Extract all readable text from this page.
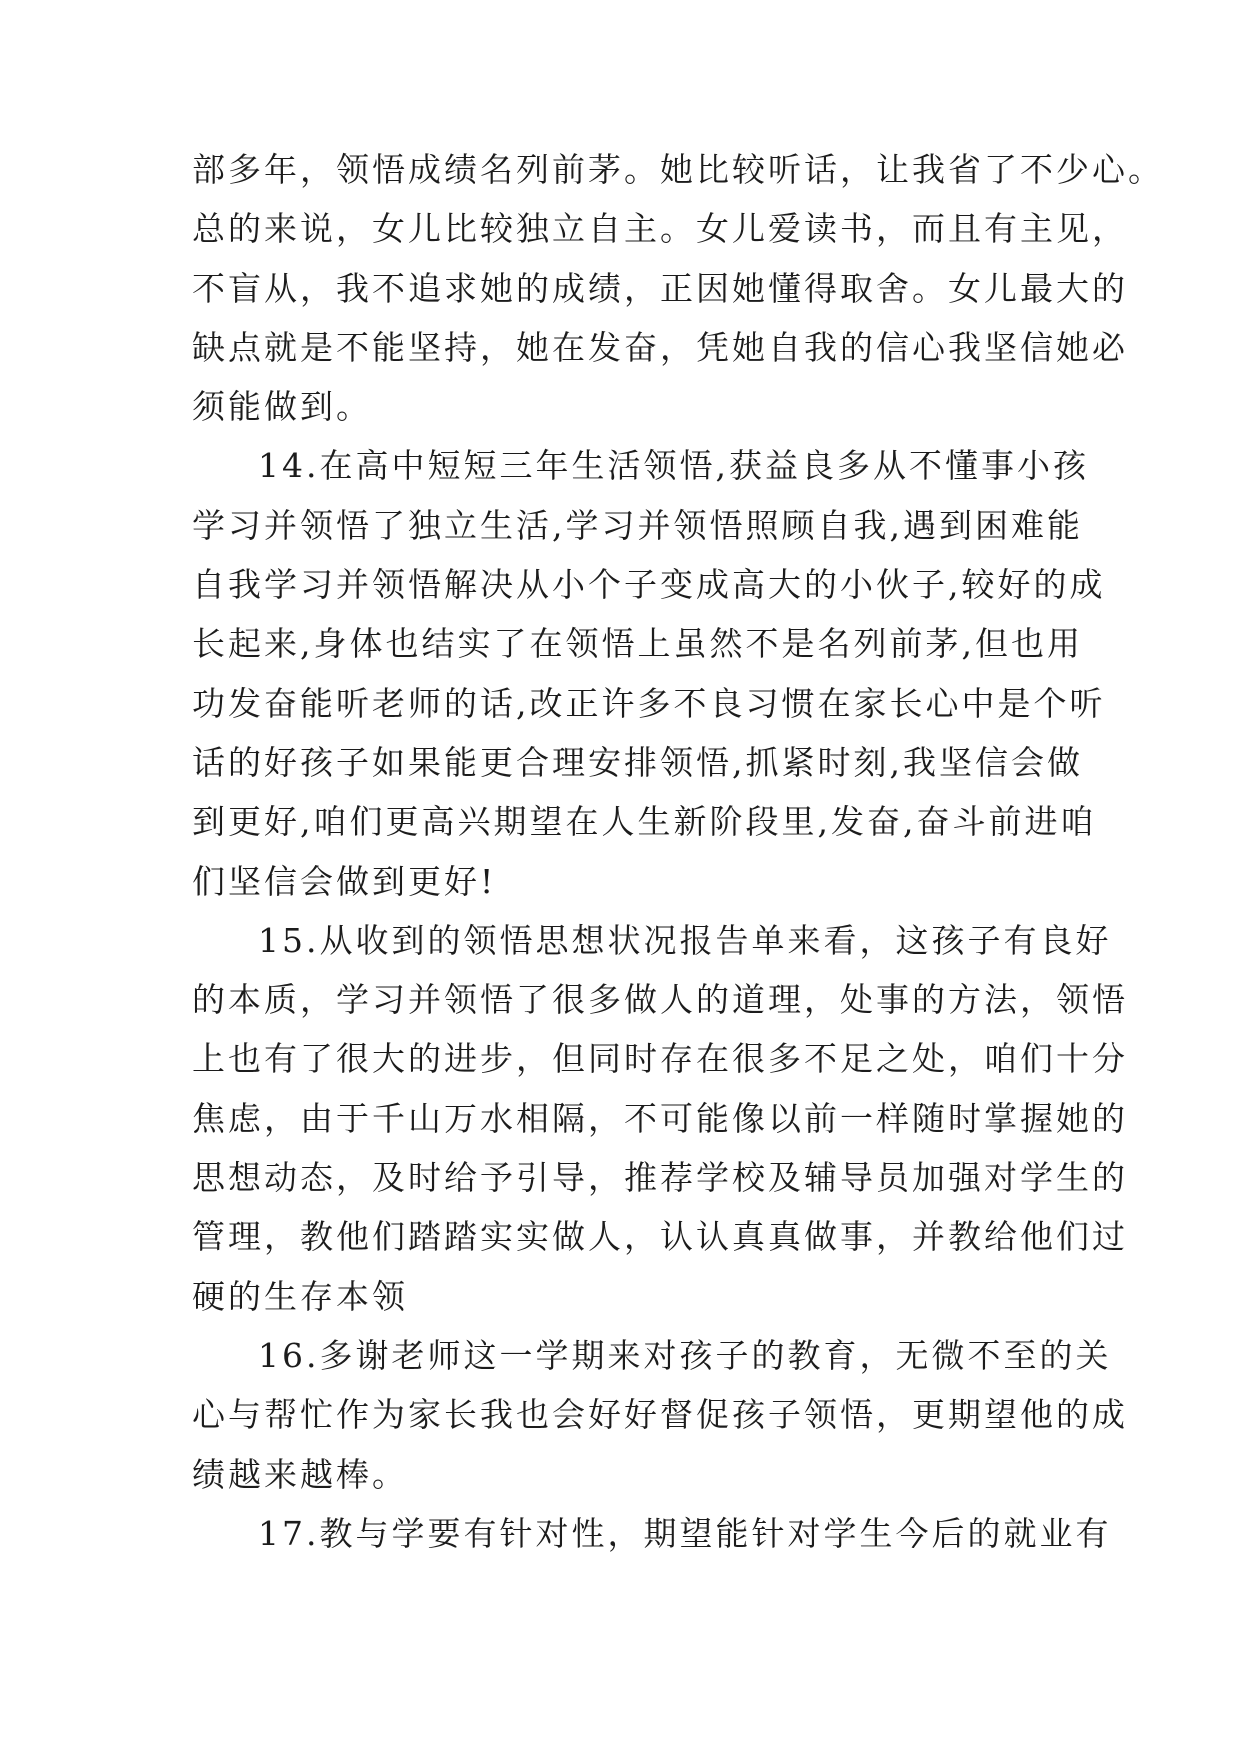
部多年，领悟成绩名列前茅。她比较听话，让我省了不少心。
总的来说，女儿比较独立自主。女儿爱读书，而且有主见，
不盲从，我不追求她的成绩，正因她懂得取舍。女儿最大的
缺点就是不能坚持，她在发奋，凭她自我的信心我坚信她必
须能做到。
14.在高中短短三年生活领悟,获益良多从不懂事小孩
学习并领悟了独立生活,学习并领悟照顾自我,遇到困难能
自我学习并领悟解决从小个子变成高大的小伙子,较好的成
长起来,身体也结实了在领悟上虽然不是名列前茅,但也用
功发奋能听老师的话,改正许多不良习惯在家长心中是个听
话的好孩子如果能更合理安排领悟,抓紧时刻,我坚信会做
到更好,咱们更高兴期望在人生新阶段里,发奋,奋斗前进咱
们坚信会做到更好!
15.从收到的领悟思想状况报告单来看，这孩子有良好
的本质，学习并领悟了很多做人的道理，处事的方法，领悟
上也有了很大的进步，但同时存在很多不足之处，咱们十分
焦虑，由于千山万水相隔，不可能像以前一样随时掌握她的
思想动态，及时给予引导，推荐学校及辅导员加强对学生的
管理，教他们踏踏实实做人，认认真真做事，并教给他们过
硬的生存本领
16.多谢老师这一学期来对孩子的教育，无微不至的关
心与帮忙作为家长我也会好好督促孩子领悟，更期望他的成
绩越来越棒。
17.教与学要有针对性，期望能针对学生今后的就业有
